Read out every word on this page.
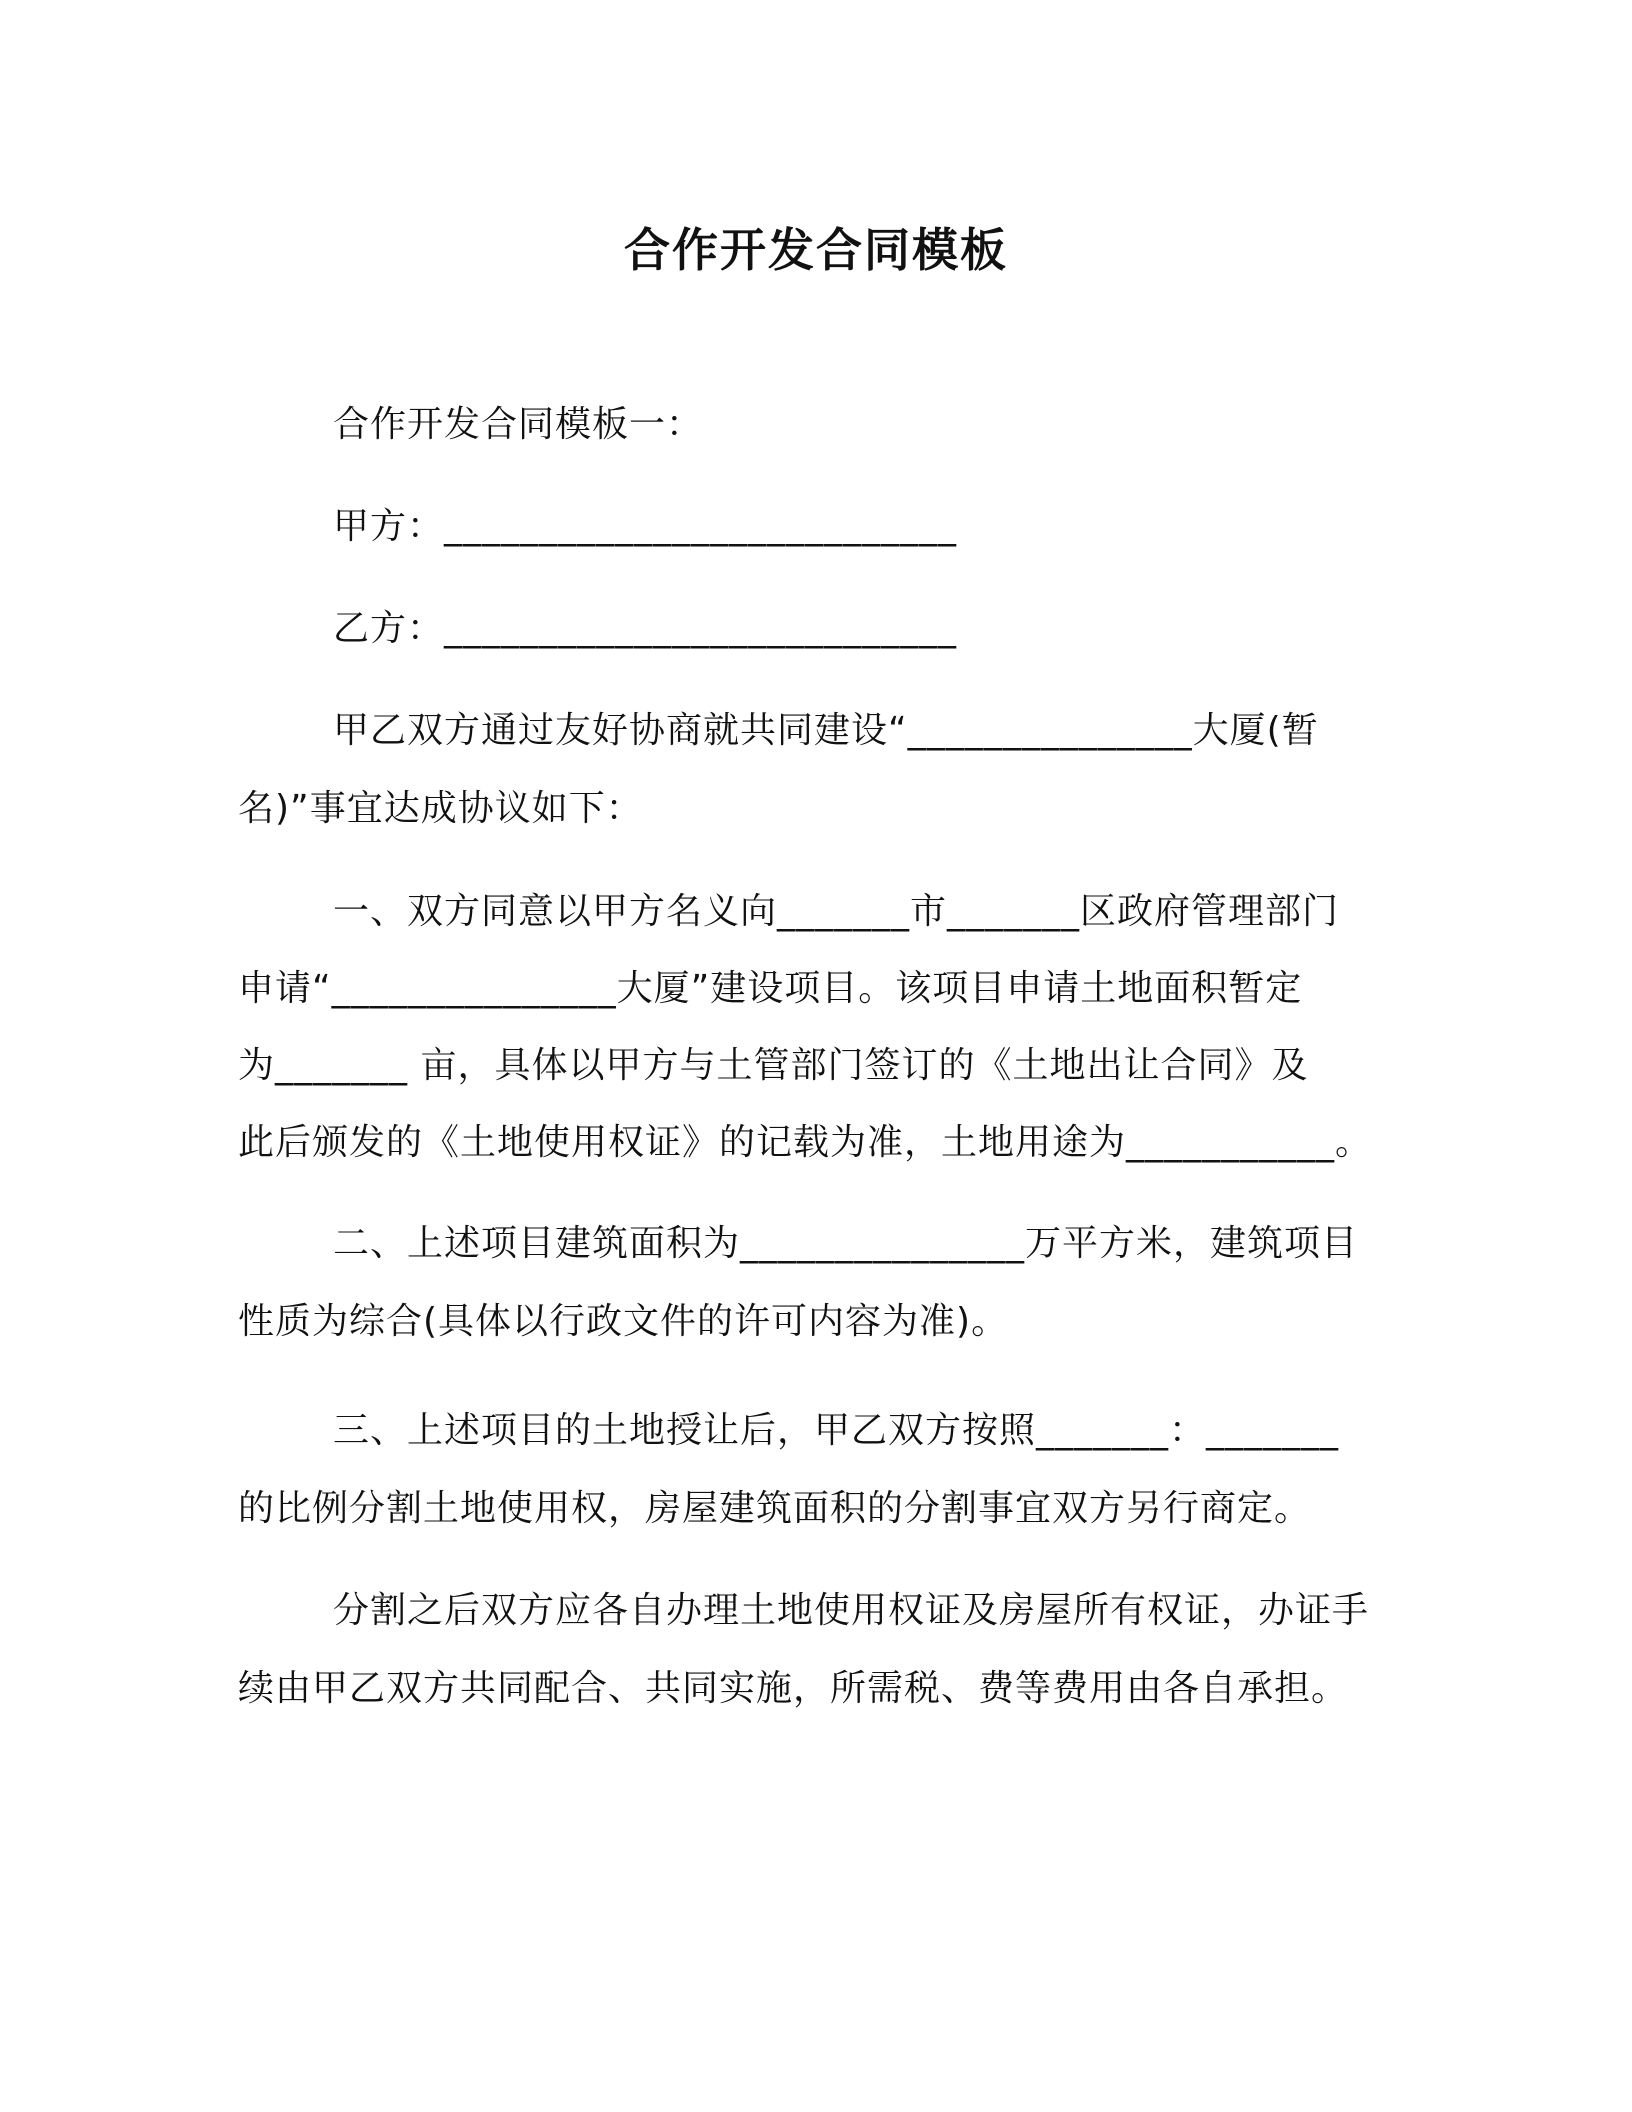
合作开发合同模板
合作开发合同模板一：
甲方：___________________________
乙方：___________________________
甲乙双方通过友好协商就共同建设“_______________大厦(暂
名)”事宜达成协议如下：
一、双方同意以甲方名义向_______市_______区政府管理部门
申请“_______________大厦”建设项目。该项目申请土地面积暂定
为_______ 亩，具体以甲方与土管部门签订的《土地出让合同》及
此后颁发的《土地使用权证》的记载为准，土地用途为___________。
二、上述项目建筑面积为_______________万平方米，建筑项目
性质为综合(具体以行政文件的许可内容为准)。
三、上述项目的土地授让后，甲乙双方按照_______：_______
的比例分割土地使用权，房屋建筑面积的分割事宜双方另行商定。
分割之后双方应各自办理土地使用权证及房屋所有权证，办证手
续由甲乙双方共同配合、共同实施，所需税、费等费用由各自承担。
